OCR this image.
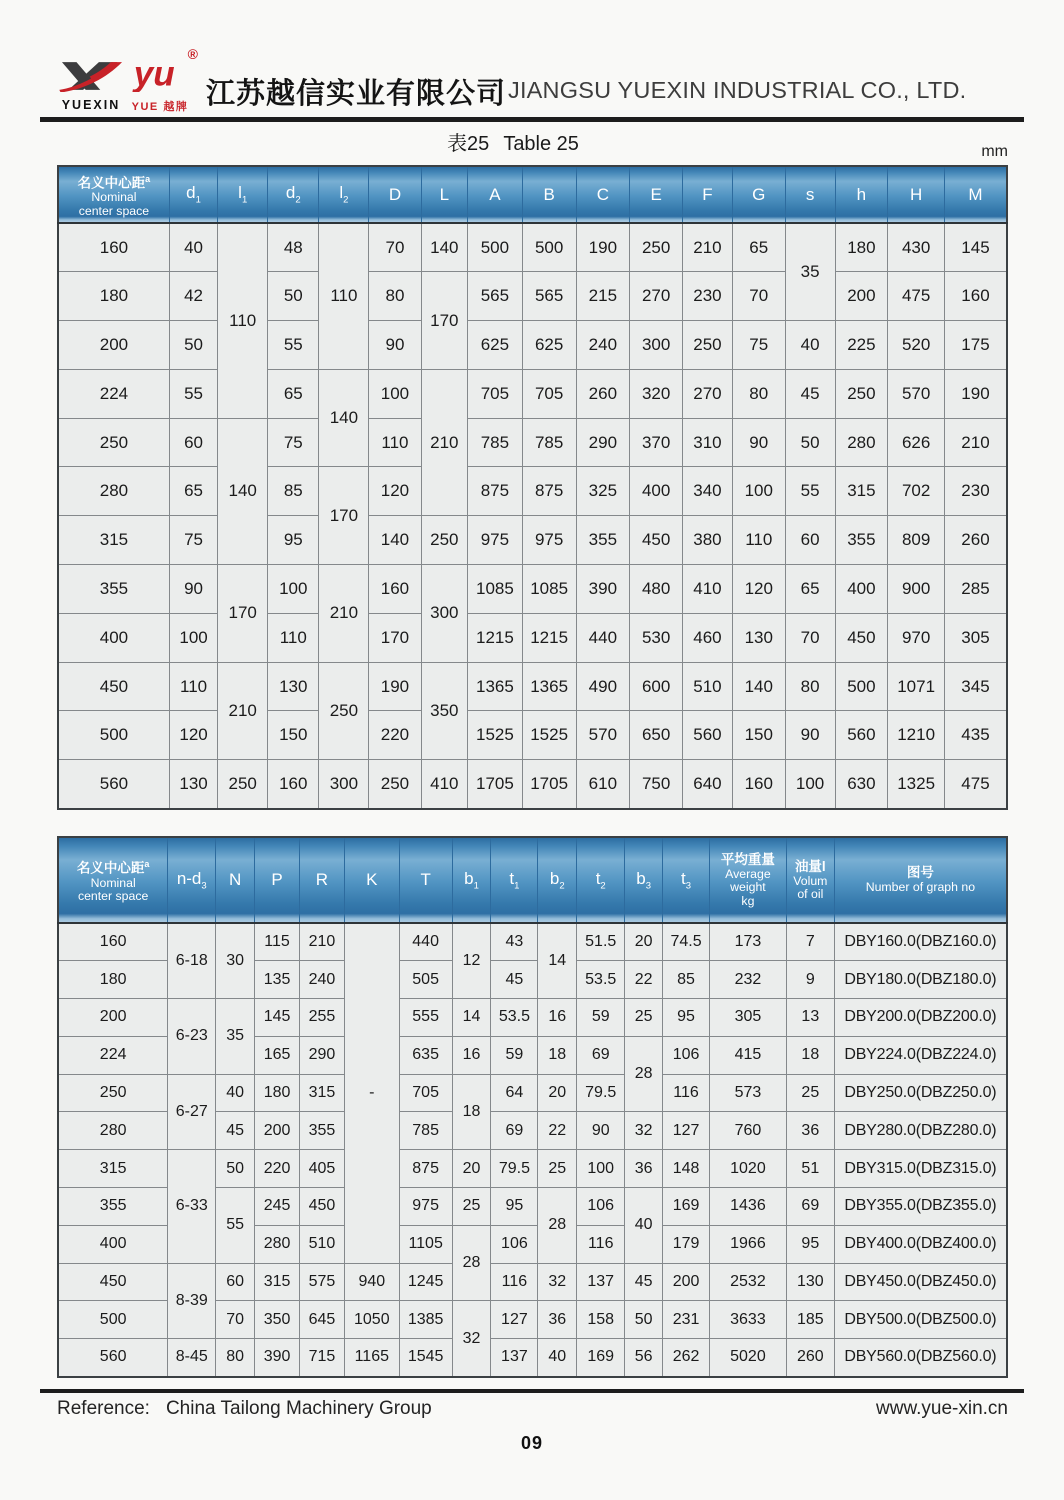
YUEXIN
yu
®
YUE 越牌 江苏越信实业有限公司 JIANGSU YUEXIN INDUSTRIAL CO., LTD.
表25 Table 25	mm
名义中心距$^a$
Nominal
center space	$d_1$	$l_1$	$d_2$	$l_2$	D	L	A	B	C	E	F	G	s	h	H	M
160	40	110	48	110	70	140	500	500	190	250	210	65	35	180	430	145
180	42		50		80	170	565	565	215	270	230	70		200	475	160
200	50		55		90		625	625	240	300	250	75	40	225	520	175
224	55		65	140	100	210	705	705	260	320	270	80	45	250	570	190
250	60	140	75		110		785	785	290	370	310	90	50	280	626	210
280	65		85	170	120		875	875	325	400	340	100	55	315	702	230
315	75		95		140	250	975	975	355	450	380	110	60	355	809	260
355	90	170	100	210	160	300	1085	1085	390	480	410	120	65	400	900	285
400	100		110		170		1215	1215	440	530	460	130	70	450	970	305
450	110	210	130	250	190	350	1365	1365	490	600	510	140	80	500	1071	345
500	120		150		220		1525	1525	570	650	560	150	90	560	1210	435
560	130	250	160	300	250	410	1705	1705	610	750	640	160	100	630	1325	475
名义中心距$^a$
Nominal
center space
	$n-d_3$	N	P	R	K	T	$b_1$	$t_1$	$b_2$	$t_2$	$b_3$	$t_3$	
平均重量
Average
weight
kg

油量l
Volum
of oil

图号
Number of graph no

160	6-18	30	115	210	-	440	12	43	14	51.5	20	74.5	173	7	DBY160.0(DBZ160.0)
180			135	240		505		45		53.5	22	85	232	9	DBY180.0(DBZ180.0)
200	6-23	35	145	255		555	14	53.5	16	59	25	95	305	13	DBY200.0(DBZ200.0)
224			165	290		635	16	59	18	69	28	106	415	18	DBY224.0(DBZ224.0)
250	6-27	40	180	315		705	18	64	20	79.5		116	573	25	DBY250.0(DBZ250.0)
280		45	200	355		785		69	22	90	32	127	760	36	DBY280.0(DBZ280.0)
315	6-33	50	220	405		875	20	79.5	25	100	36	148	1020	51	DBY315.0(DBZ315.0)
355		55	245	450		975	25	95	28	106	40	169	1436	69	DBY355.0(DBZ355.0)
400			280	510		1105	28	106		116		179	1966	95	DBY400.0(DBZ400.0)
450	8-39	60	315	575	940	1245		116	32	137	45	200	2532	130	DBY450.0(DBZ450.0)
500		70	350	645	1050	1385	32	127	36	158	50	231	3633	185	DBY500.0(DBZ500.0)
560	8-45	80	390	715	1165	1545		137	40	169	56	262	5020	260	DBY560.0(DBZ560.0)
Reference: China Tailong Machinery Group	www.yue-xin.cn
09
